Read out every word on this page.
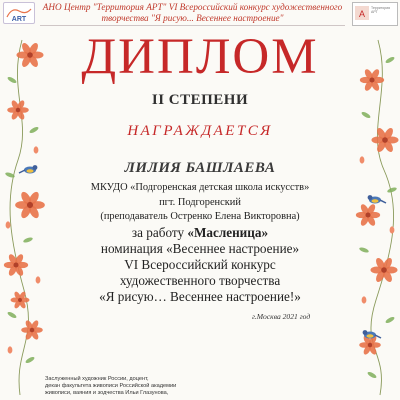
ART
АНО Центр "Территория АРТ" VI Всероссийский конкурс художественного творчества "Я рисую... Весеннее настроение"	A
Территория АРТ
ДИПЛОМ
II СТЕПЕНИ
НАГРАЖДАЕТСЯ
ЛИЛИЯ БАШЛАЕВА
МКУДО «Подгоренская детская школа искусств»
пгт. Подгоренский
(преподаватель Остренко Елена Викторовна)
за работу «Масленица»
номинация «Весеннее настроение»
VI Всероссийский конкурс
художественного творчества
«Я рисую… Весеннее настроение!»
г.Москва 2021 год
Заслуженный художник России, доцент,
декан факультета живописи Российской академии
живописи, ваяния и зодчества Ильи Глазунова,
